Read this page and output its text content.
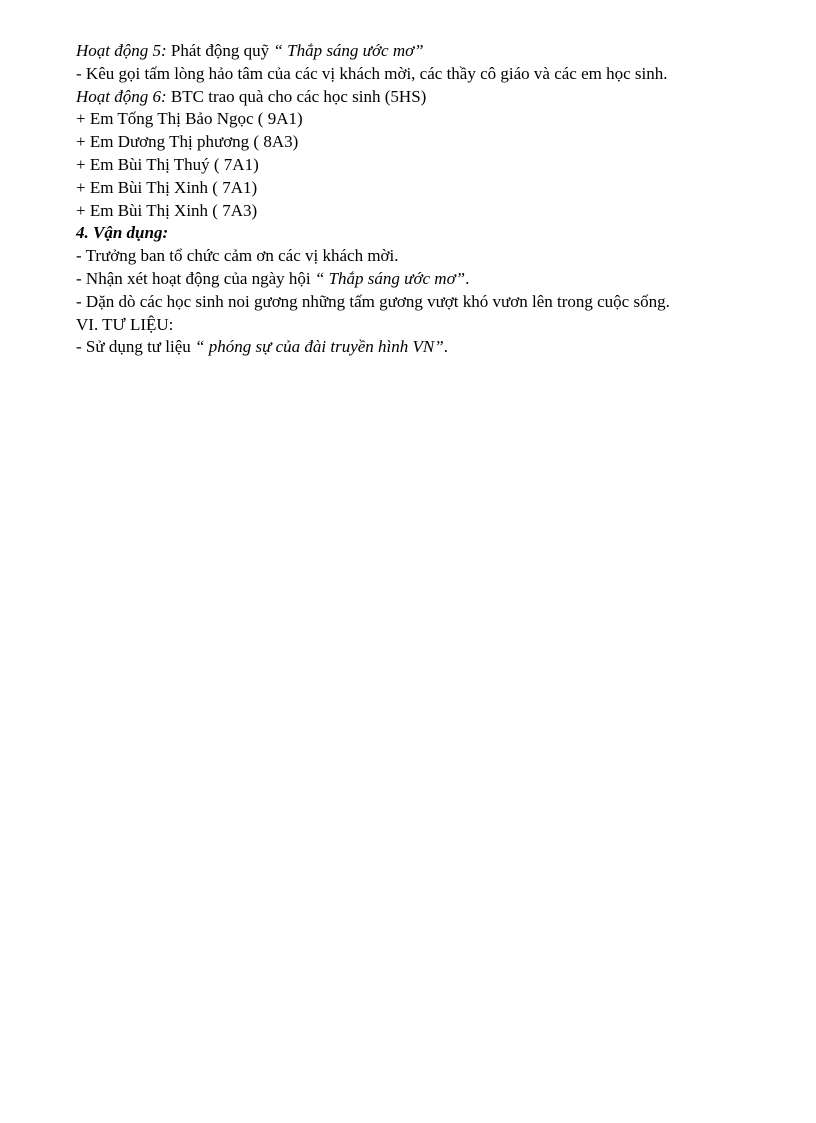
Hoạt động 5: Phát động quỹ “ Thắp sáng ước mơ”
- Kêu gọi tấm lòng hảo tâm của các vị khách mời, các thầy cô giáo và các em học sinh.
Hoạt động 6: BTC trao quà cho các học sinh (5HS)
+ Em Tống Thị Bảo Ngọc ( 9A1)
+ Em Dương Thị phương ( 8A3)
+ Em Bùi Thị Thuý ( 7A1)
+ Em Bùi Thị Xinh ( 7A1)
+ Em Bùi Thị Xinh ( 7A3)
4. Vận dụng:
- Trưởng ban tổ chức cảm ơn các vị khách mời.
- Nhận xét hoạt động của ngày hội “ Thắp sáng ước mơ”.
- Dặn dò các học sinh noi gương những tấm gương vượt khó vươn lên trong cuộc sống.
VI. TƯ LIỆU:
- Sử dụng tư liệu “ phóng sự của đài truyền hình VN”.
